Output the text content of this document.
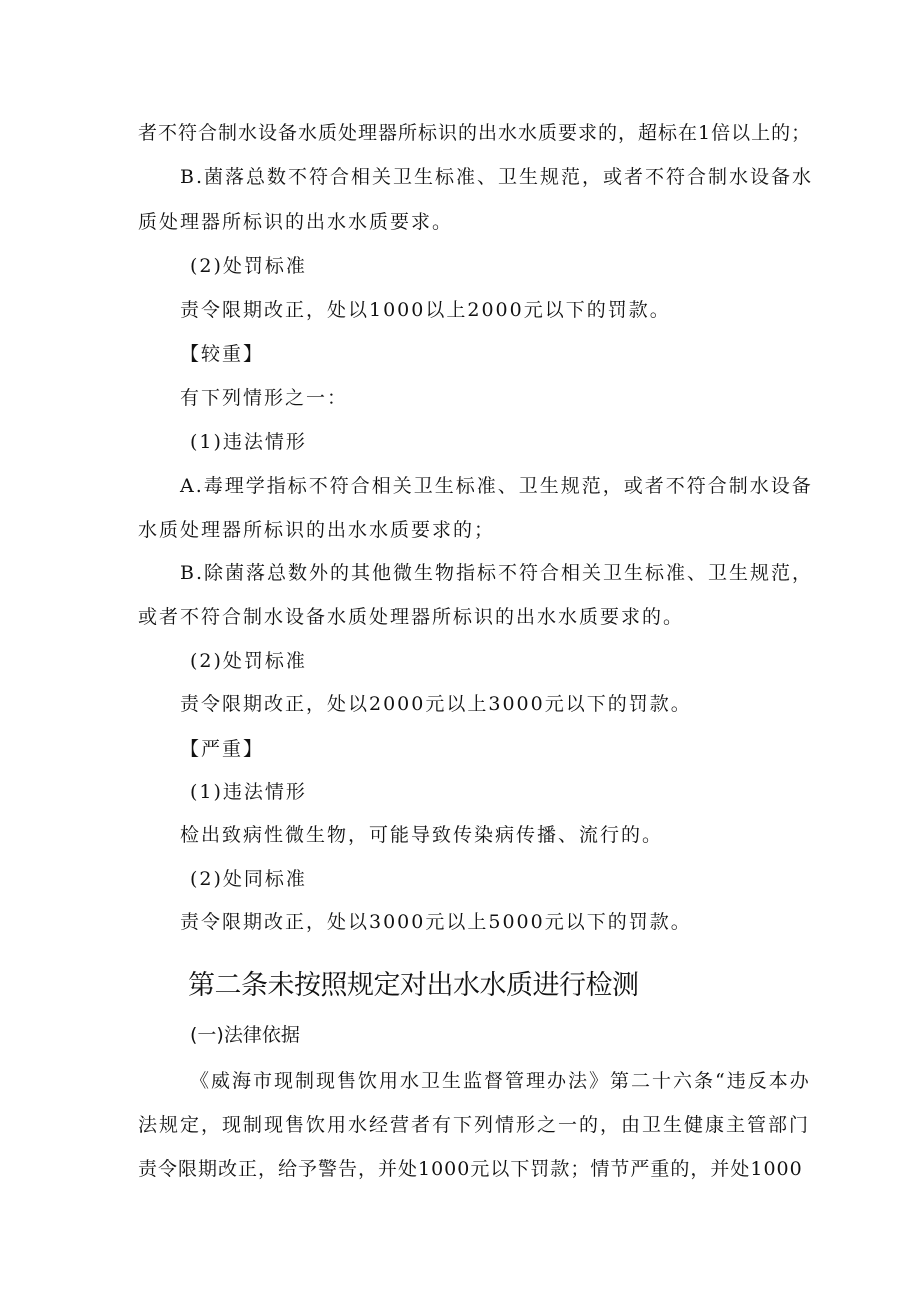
者不符合制水设备水质处理器所标识的出水水质要求的，超标在1倍以上的；
B.菌落总数不符合相关卫生标准、卫生规范，或者不符合制水设备水
质处理器所标识的出水水质要求。
(2)处罚标准
责令限期改正，处以1000以上2000元以下的罚款。
【较重】
有下列情形之一：
(1)违法情形
A.毒理学指标不符合相关卫生标准、卫生规范，或者不符合制水设备
水质处理器所标识的出水水质要求的；
B.除菌落总数外的其他微生物指标不符合相关卫生标准、卫生规范，
或者不符合制水设备水质处理器所标识的出水水质要求的。
(2)处罚标准
责令限期改正，处以2000元以上3000元以下的罚款。
【严重】
(1)违法情形
检出致病性微生物，可能导致传染病传播、流行的。
(2)处同标准
责令限期改正，处以3000元以上5000元以下的罚款。
第二条未按照规定对出水水质进行检测
(一)法律依据
《威海市现制现售饮用水卫生监督管理办法》第二十六条“违反本办
法规定，现制现售饮用水经营者有下列情形之一的，由卫生健康主管部门
责令限期改正，给予警告，并处1000元以下罚款；情节严重的，并处1000
